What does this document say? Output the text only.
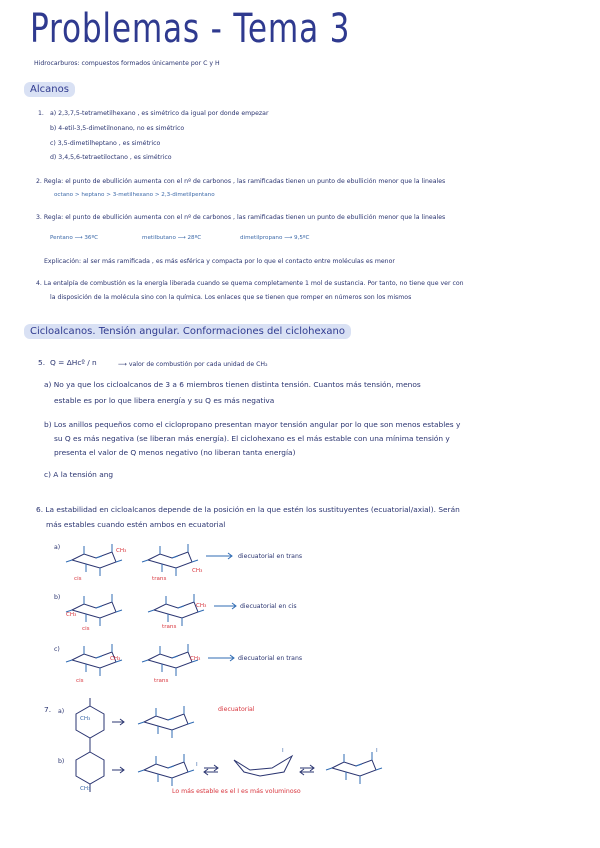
Problemas - Tema 3
Hidrocarburos: compuestos formados únicamente por C y H
Alcanos
1. a) 2,3,7,5-tetrametilhexano , es simétrico da igual por donde empezar
b) 4-etil-3,5-dimetilnonano, no es simétrico
c) 3,5-dimetilheptano , es simétrico
d) 3,4,5,6-tetraetiloctano , es simétrico
2. Regla: el punto de ebullición aumenta con el nº de carbonos , las ramificadas tienen un punto de ebullición menor que la lineales
octano > heptano > 3-metilhexano > 2,3-dimetilpentano
3. Regla: el punto de ebullición aumenta con el nº de carbonos , las ramificadas tienen un punto de ebullición menor que la lineales
Pentano ⟶ 36ºC	metilbutano ⟶ 28ºC	dimetilpropano ⟶ 9,5ºC
Explicación: al ser más ramificada , es más esférica y compacta por lo que el contacto entre moléculas es menor
4. La entalpía de combustión es la energía liberada cuando se quema completamente 1 mol de sustancia. Por tanto, no tiene que ver con
la disposición de la molécula sino con la química. Los enlaces que se tienen que romper en números son los mismos
Cicloalcanos. Tensión angular. Conformaciones del ciclohexano
5. Q = ΔHcº / n	⟶ valor de combustión por cada unidad de CH₂
a) No ya que los cicloalcanos de 3 a 6 miembros tienen distinta tensión. Cuantos más tensión, menos
estable es por lo que libera energía y su Q es más negativa
b) Los anillos pequeños como el ciclopropano presentan mayor tensión angular por lo que son menos estables y
su Q es más negativa (se liberan más energía). El ciclohexano es el más estable con una mínima tensión y
presenta el valor de Q menos negativo (no liberan tanta energía)
c) A la tensión ang
6. La estabilidad en cicloalcanos depende de la posición en la que estén los sustituyentes (ecuatorial/axial). Serán
más estables cuando estén ambos en ecuatorial
a)
b)
c)
cis	trans
cis	trans
cis	trans
CH₃
CH₃
CH₃
CH₃
CH₃	CH₃
diecuatorial en trans
diecuatorial en cis
diecuatorial en trans
7. a)
b)
CH₃
diecuatorial
CH₃
I
I	I
Lo más estable es el I es más voluminoso
